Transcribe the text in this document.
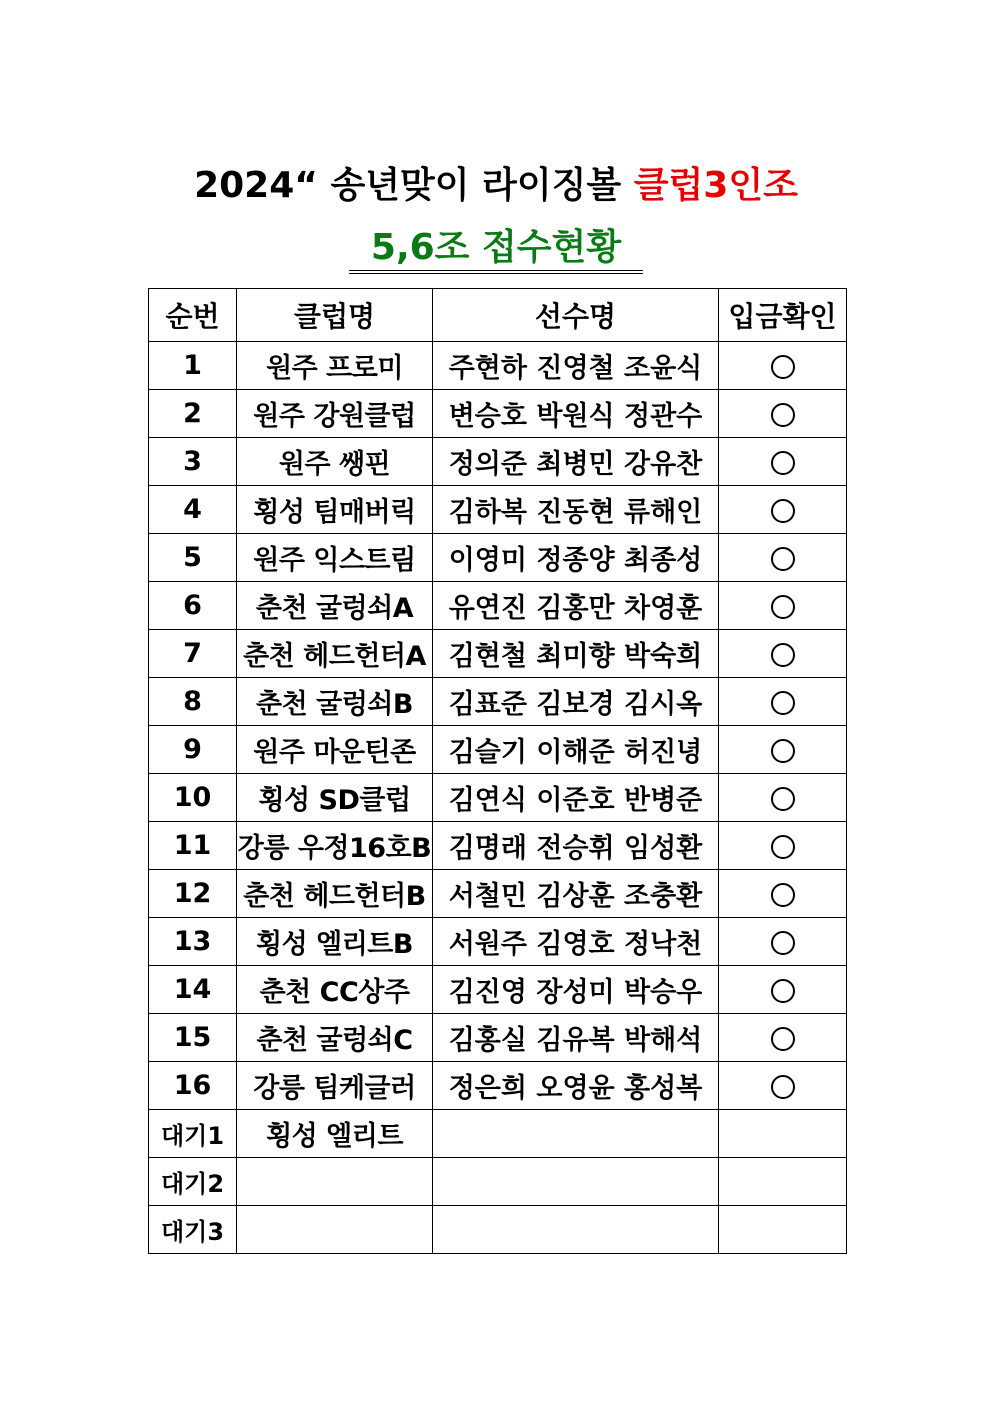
2024“ 송년맞이 라이징볼 클럽3인조
5,6조 접수현황
순번	클럽명	선수명	입금확인
1	원주 프로미	주현하 진영철 조윤식	
2	원주 강원클럽	변승호 박원식 정관수	
3	원주 쌩핀	정의준 최병민 강유찬	
4	횡성 팀매버릭	김하복 진동현 류해인	
5	원주 익스트림	이영미 정종양 최종성	
6	춘천 굴렁쇠A	유연진 김홍만 차영훈	
7	춘천 헤드헌터A	김현철 최미향 박숙희	
8	춘천 굴렁쇠B	김표준 김보경 김시옥	
9	원주 마운틴존	김슬기 이해준 허진녕	
10	횡성 SD클럽	김연식 이준호 반병준	
11	강릉 우정16호B	김명래 전승휘 임성환	
12	춘천 헤드헌터B	서철민 김상훈 조충환	
13	횡성 엘리트B	서원주 김영호 정낙천	
14	춘천 CC상주	김진영 장성미 박승우	
15	춘천 굴렁쇠C	김홍실 김유복 박해석	
16	강릉 팀케글러	정은희 오영윤 홍성복	
대기1	횡성 엘리트		
대기2			
대기3			
